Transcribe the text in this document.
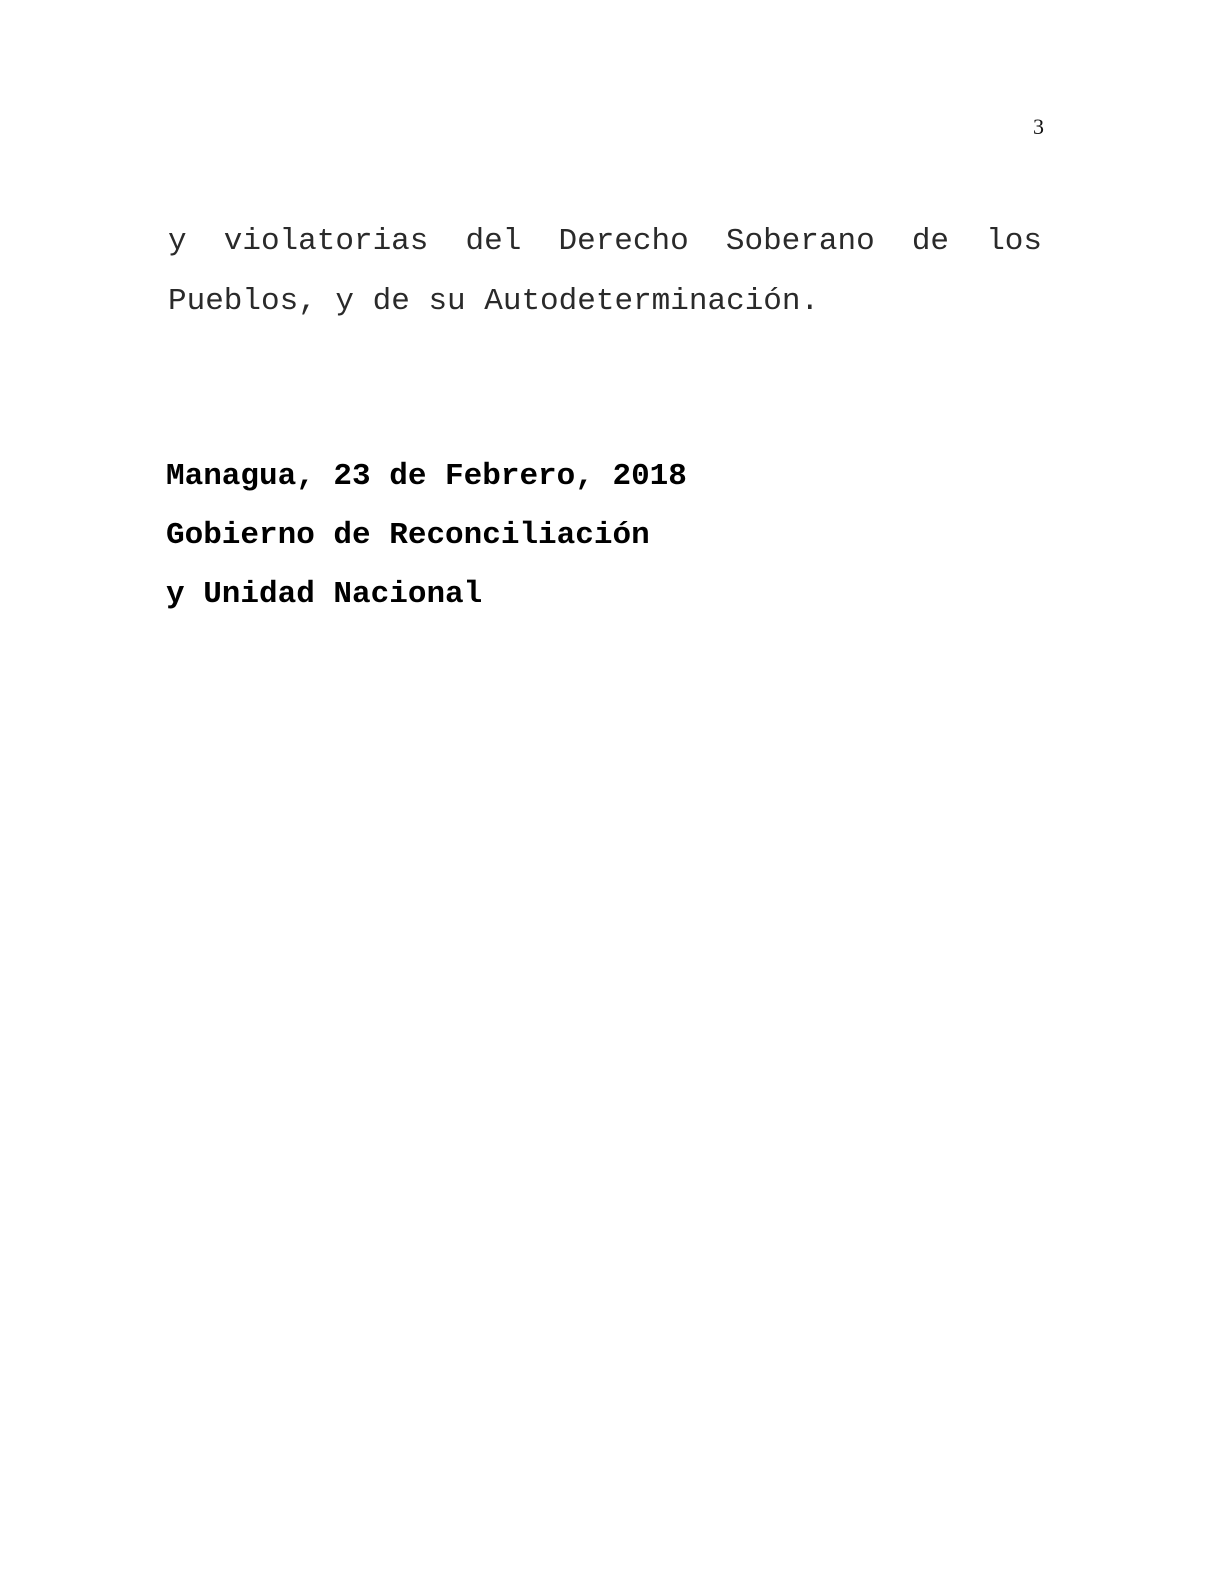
3
y violatorias del Derecho Soberano de los
Pueblos, y de su Autodeterminación.
Managua, 23 de Febrero, 2018
Gobierno de Reconciliación
y Unidad Nacional
